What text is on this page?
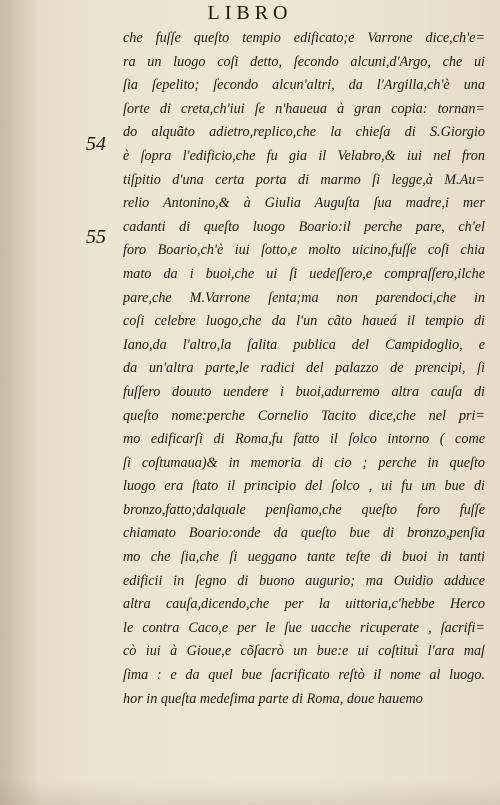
LIBRO
54
55
che fuſſe queſto tempio edificato;e Varrone dice,ch'e=
ra un luogo coſi detto, ſecondo alcuni,d'Argo, che ui
ſia ſepelito; ſecondo alcun'altri, da l'Argilla,ch'è una
ſorte di creta,ch'iui ſe n'haueua à gran copia: tornan=
do alquãto adietro,replico,che la chieſa di S.Giorgio
è ſopra l'edificio,che fu gia il Velabro,& iui nel fron
tiſpitio d'una certa porta di marmo ſi legge,à M.Au=
relio Antonino,& à Giulia Auguſta ſua madre,i mer
cadanti di queſto luogo Boario:il perche pare, ch'el
foro Boario,ch'è iui ſotto,e molto uicino,fuſſe coſi chia
mato da i buoi,che ui ſi uedeſſero,e compraſſero,ilche
pare,che M.Varrone ſenta;ma non parendoci,che in
coſi celebre luogo,che da l'un cãto haueá il tempio di
Iano,da l'altro,la ſalita publica del Campidoglio, e
da un'altra parte,le radici del palazzo de prencipi, ſi
fuſſero douuto uendere i buoi,adurremo altra cauſa di
queſto nome:perche Cornelio Tacito dice,che nel pri=
mo edificarſi di Roma,fu fatto il ſolco intorno ( come
ſi coſtumaua)& in memoria di cio ; perche in queſto
luogo era ſtato il principio del ſolco , ui fu un bue di
bronzo,fatto;dalquale penſiamo,che queſto foro fuſſe
chiamato Boario:onde da queſto bue di bronzo,penſia
mo che ſia,che ſi ueggano tante teſte di buoi in tanti
edificii in ſegno di buono augurio; ma Ouidio adduce
altra cauſa,dicendo,che per la uittoria,c'hebbe Herco
le contra Caco,e per le ſue uacche ricuperate , ſacrifi=
cò iui à Gioue,e cõſacrò un bue:e ui coſtituì l'ara maſ
ſima : e da quel bue ſacrificato reſtò il nome al luogo.
hor in queſta medeſima parte di Roma, doue hauemo
